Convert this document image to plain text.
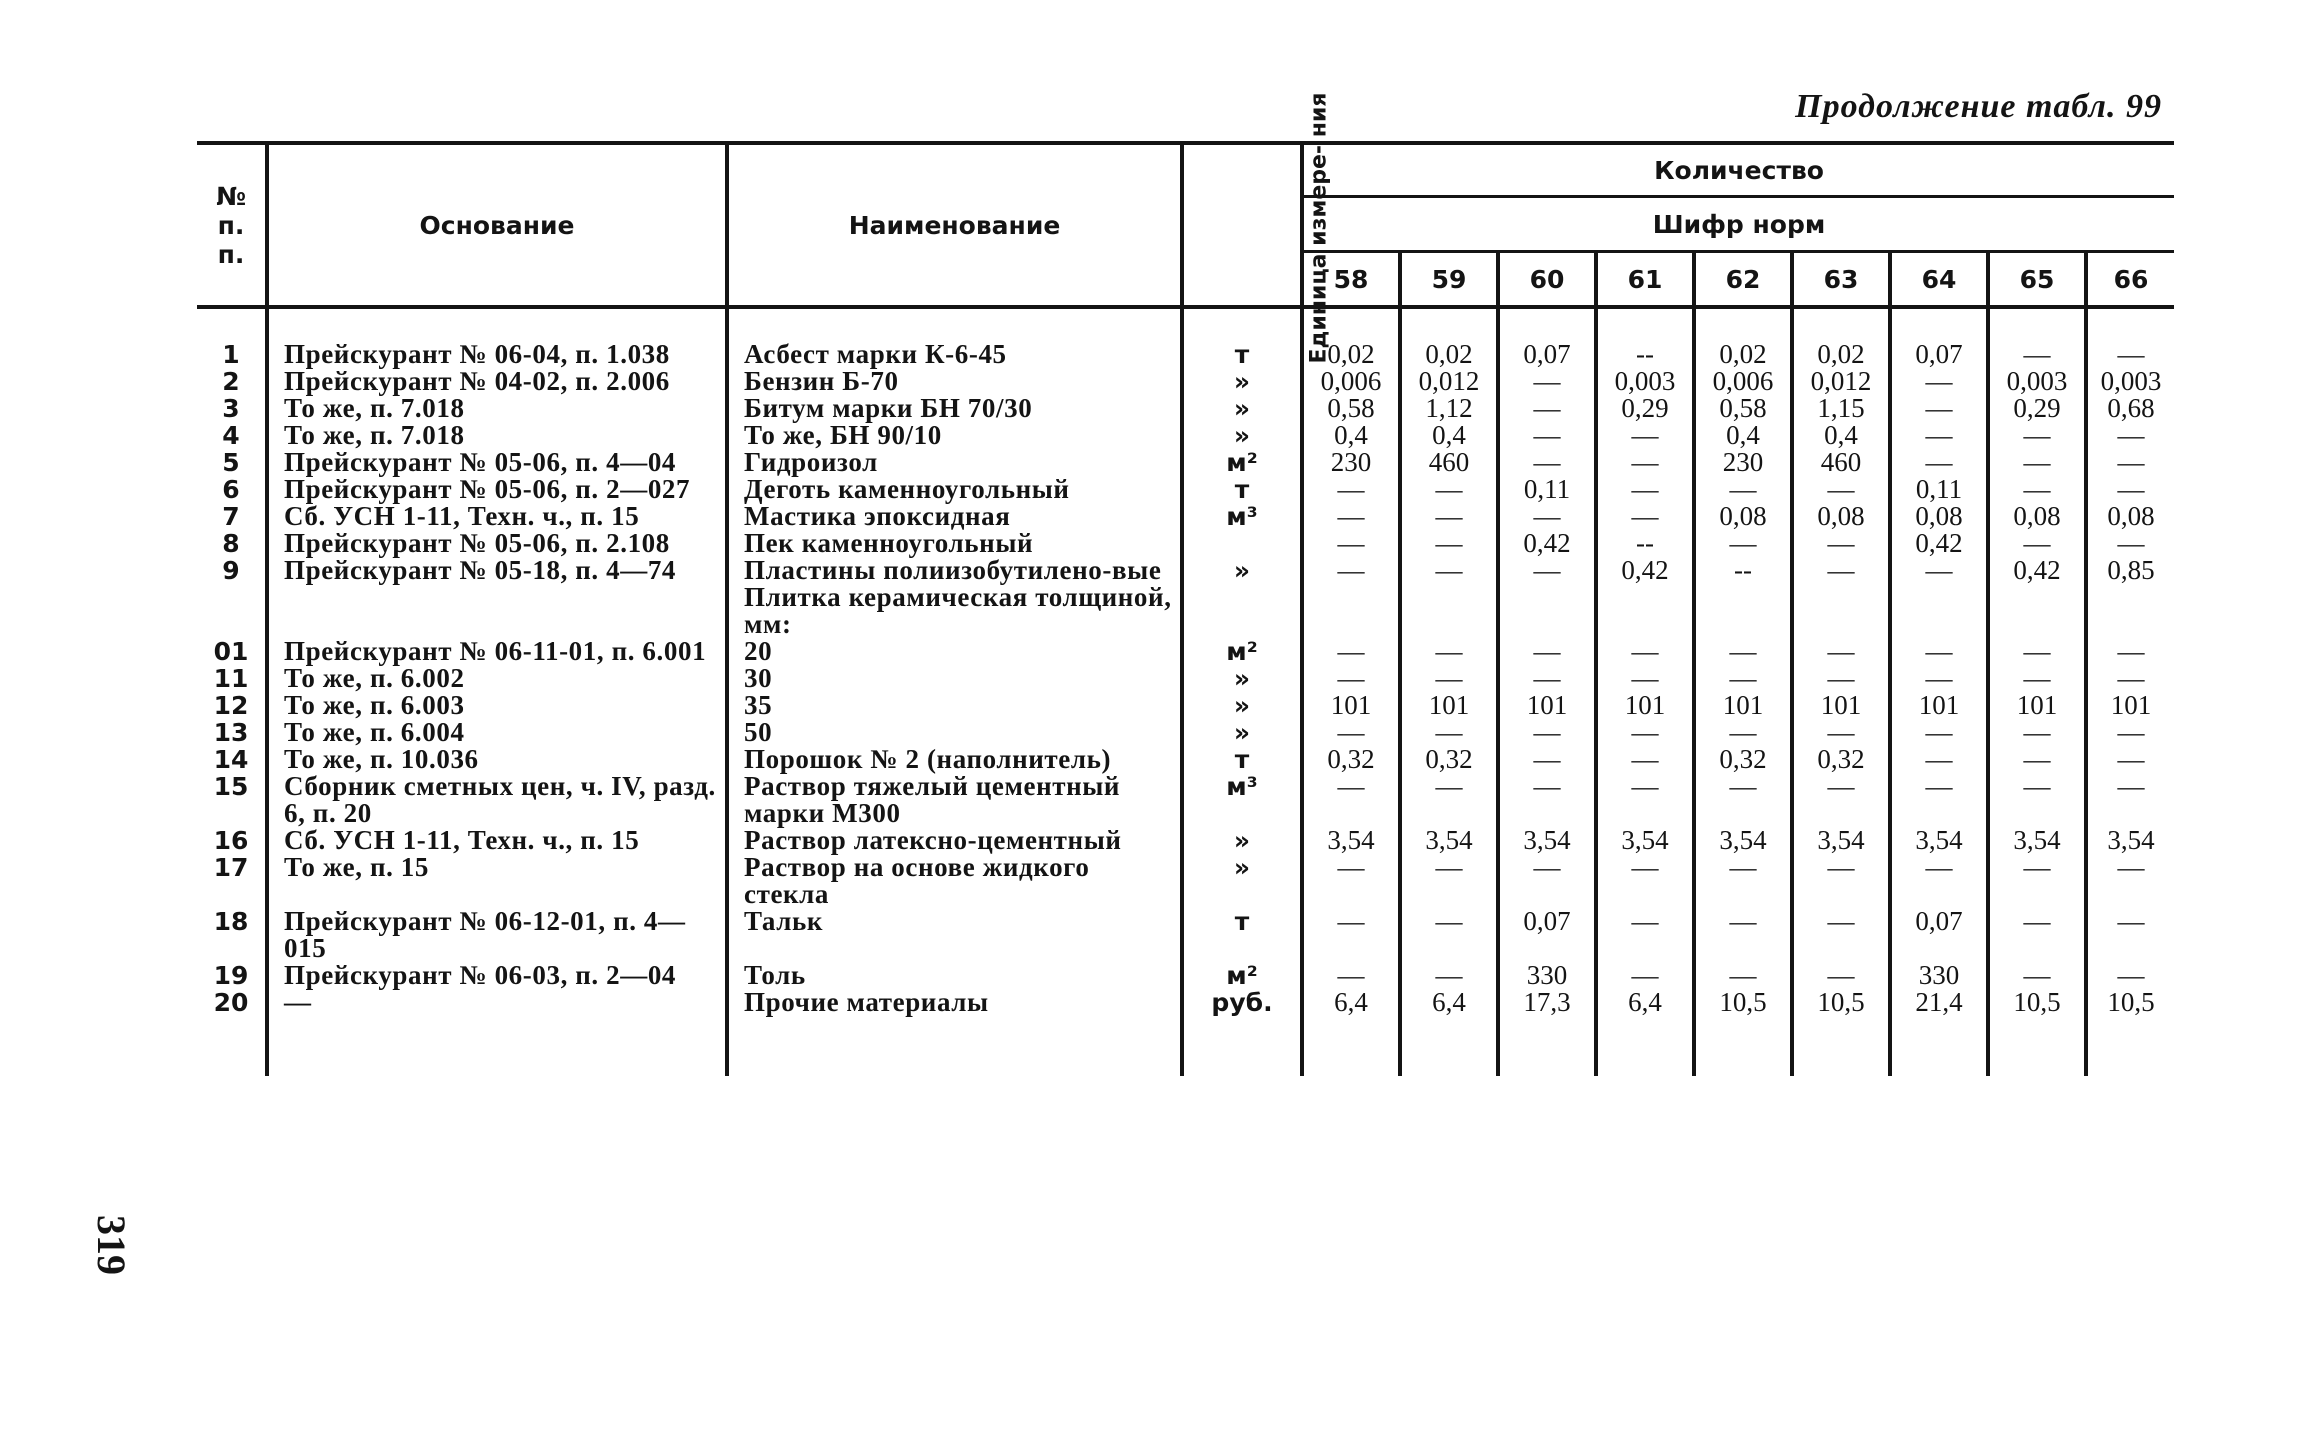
Продолжение табл. 99
319
№ п. п.	Основание	Наименование	Единица измере- ния	Количество								
				Шифр норм								
				58	59	60	61	62	63	64	65	66
1	Прейскурант № 06-04, п. 1.038	Асбест марки К-6-45	т	0,02	0,02	0,07	--	0,02	0,02	0,07	—	—
2	Прейскурант № 04-02, п. 2.006	Бензин Б-70	»	0,006	0,012	—	0,003	0,006	0,012	—	0,003	0,003
3	То же, п. 7.018	Битум марки БН 70/30	»	0,58	1,12	—	0,29	0,58	1,15	—	0,29	0,68
4	То же, п. 7.018	То же, БН 90/10	»	0,4	0,4	—	—	0,4	0,4	—	—	—
5	Прейскурант № 05-06, п. 4—04	Гидроизол	м²	230	460	—	—	230	460	—	—	—
6	Прейскурант № 05-06, п. 2—027	Деготь каменноугольный	т	—	—	0,11	—	—	—	0,11	—	—
7	Сб. УСН 1-11, Техн. ч., п. 15	Мастика эпоксидная	м³	—	—	—	—	0,08	0,08	0,08	0,08	0,08
8	Прейскурант № 05-06, п. 2.108	Пек каменноугольный		—	—	0,42	--	—	—	0,42	—	—
9	Прейскурант № 05-18, п. 4—74	Пластины полиизобутилено-вые	»	—	—	—	0,42	--	—	—	0,42	0,85
		Плитка керамическая толщиной, мм:										
01	Прейскурант № 06-11-01, п. 6.001	20	м²	—	—	—	—	—	—	—	—	—
11	То же, п. 6.002	30	»	—	—	—	—	—	—	—	—	—
12	То же, п. 6.003	35	»	101	101	101	101	101	101	101	101	101
13	То же, п. 6.004	50	»	—	—	—	—	—	—	—	—	—
14	То же, п. 10.036	Порошок № 2 (наполнитель)	т	0,32	0,32	—	—	0,32	0,32	—	—	—
15	Сборник сметных цен, ч. IV, разд. 6, п. 20	Раствор тяжелый цементный марки М300	м³	—	—	—	—	—	—	—	—	—
16	Сб. УСН 1-11, Техн. ч., п. 15	Раствор латексно-цементный	»	3,54	3,54	3,54	3,54	3,54	3,54	3,54	3,54	3,54
17	То же, п. 15	Раствор на основе жидкого стекла	»	—	—	—	—	—	—	—	—	—
18	Прейскурант № 06-12-01, п. 4—015	Тальк	т	—	—	0,07	—	—	—	0,07	—	—
19	Прейскурант № 06-03, п. 2—04	Толь	м²	—	—	330	—	—	—	330	—	—
20	—	Прочие материалы	руб.	6,4	6,4	17,3	6,4	10,5	10,5	21,4	10,5	10,5
